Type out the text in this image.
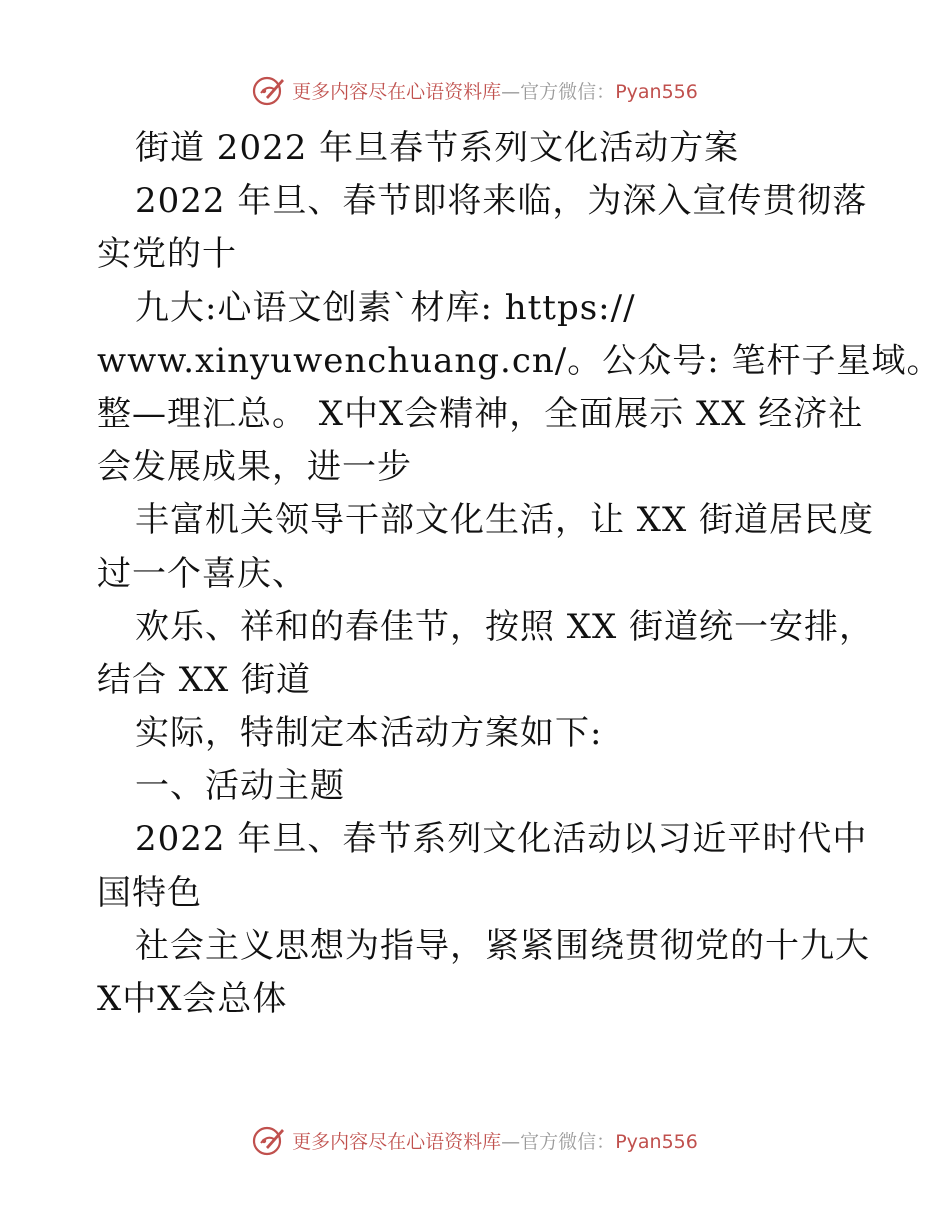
更多内容尽在心语资料库—官方微信：Pyan556
街道 2022 年旦春节系列文化活动方案
2022 年旦、春节即将来临，为深入宣传贯彻落
实党的十
九大:心语文创素`材库: https://
www.xinyuwenchuang.cn/。公众号: 笔杆子星域。
整—理汇总。 X中X会精神，全面展示 XX 经济社
会发展成果，进一步
丰富机关领导干部文化生活，让 XX 街道居民度
过一个喜庆、
欢乐、祥和的春佳节，按照 XX 街道统一安排，
结合 XX 街道
实际，特制定本活动方案如下:
一、活动主题
2022 年旦、春节系列文化活动以习近平时代中
国特色
社会主义思想为指导，紧紧围绕贯彻党的十九大
X中X会总体
更多内容尽在心语资料库—官方微信：Pyan556
